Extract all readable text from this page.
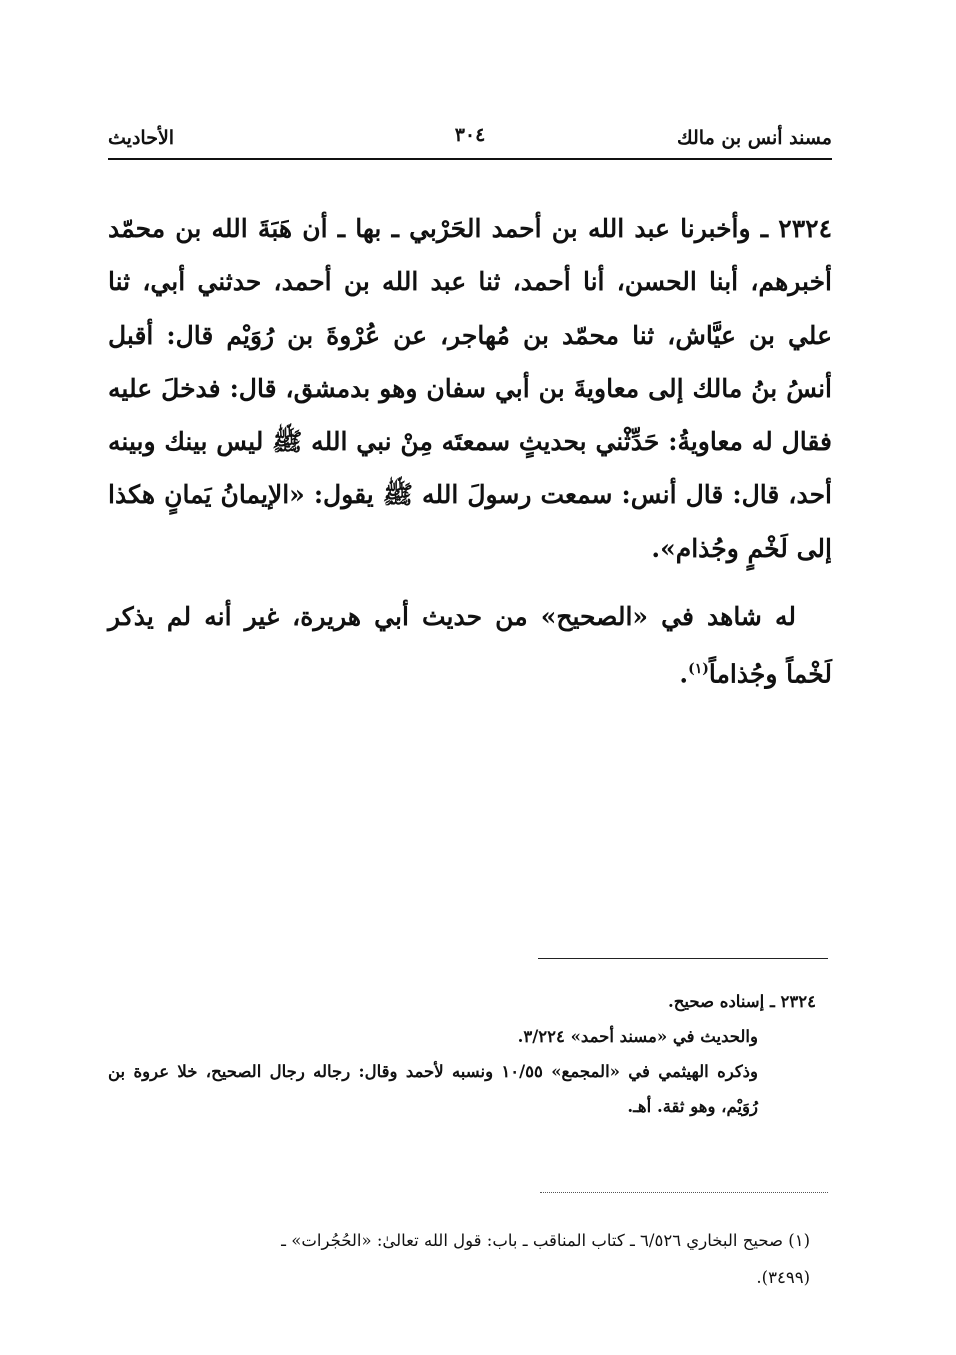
مسند أنس بن مالك
٣٠٤
الأحاديث

٢٣٢٤ ـ وأخبرنا عبد الله بن أحمد الحَرْبي ـ بها ـ أن هَبَةَ الله بن محمّد أخبرهم، أبنا الحسن، أنا أحمد، ثنا عبد الله بن أحمد، حدثني أبي، ثنا علي بن عيَّاش، ثنا محمّد بن مُهاجر، عن عُرْوةَ بن رُوَيْم قال: أقبل أنسُ بنُ مالك إلى معاويةَ بن أبي سفان وهو بدمشق، قال: فدخلَ عليه فقال له معاويةُ: حَدِّثْني بحديثٍ سمعتَه مِنْ نبي الله ﷺ ليس بينك وبينه أحد، قال: قال أنس: سمعت رسولَ الله ﷺ يقول: «الإيمانُ يَمانٍ هكذا إلى لَخْمٍ وجُذام».

له شاهد في «الصحيح» من حديث أبي هريرة، غير أنه لم يذكر لَخْماً وجُذاماً$^{(١)}$.

٢٣٢٤ ـ إسناده صحيح.
والحديث في «مسند أحمد» ٣/٢٢٤.
وذكره الهيثمي في «المجمع» ١٠/٥٥ ونسبه لأحمد وقال: رجاله رجال الصحيح، خلا عروة بن رُوَيْم، وهو ثقة. أهـ.
(١) صحيح البخاري ٦/٥٢٦ ـ كتاب المناقب ـ باب: قول الله تعالىٰ: «الحُجُرات» ـ
(٣٤٩٩).
